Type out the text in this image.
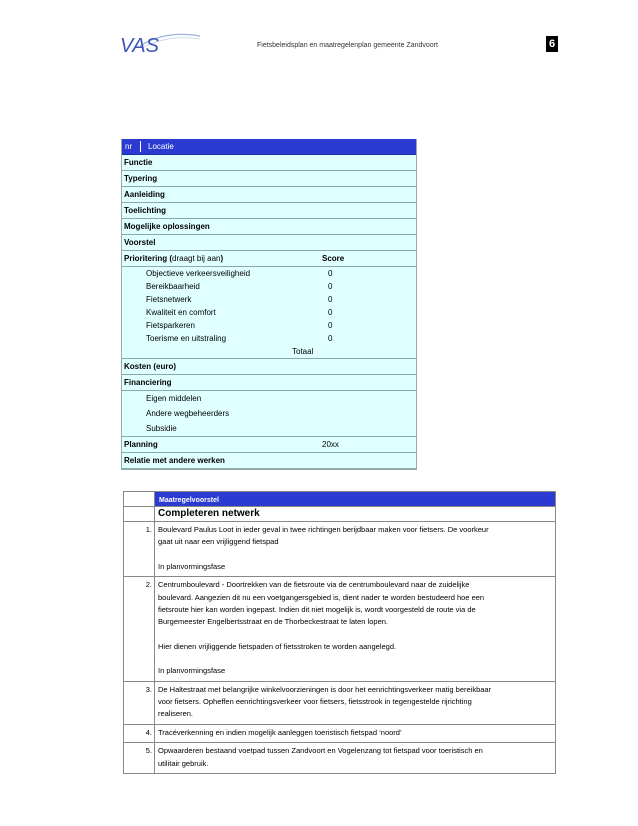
VAS	Fietsbeleidsplan en maatregelenplan gemeente Zandvoort	6
nr Locatie
Functie
Typering
Aanleiding
Toelichting
Mogelijke oplossingen
Voorstel
Prioritering (draagt bij aan)	Score
Objectieve verkeersveiligheid	0
Bereikbaarheid	0
Fietsnetwerk	0
Kwaliteit en comfort	0
Fietsparkeren	0
Toerisme en uitstraling	0
Totaal
Kosten (euro)
Financiering
Eigen middelen
Andere wegbeheerders
Subsidie
Planning	20xx
Relatie met andere werken
Maatregelvoorstel
Completeren netwerk
1. Boulevard Paulus Loot in ieder geval in twee richtingen berijdbaar maken voor fietsers. De voorkeur
gaat uit naar een vrijliggend fietspad
In planvormingsfase
2. Centrumboulevard - Doortrekken van de fietsroute via de centrumboulevard naar de zuidelijke
boulevard. Aangezien dit nu een voetgangersgebied is, dient nader te worden bestudeerd hoe een
fietsroute hier kan worden ingepast. Indien dit niet mogelijk is, wordt voorgesteld de route via de
Burgemeester Engelbertsstraat en de Thorbeckestraat te laten lopen.
Hier dienen vrijliggende fietspaden of fietsstroken te worden aangelegd.
In planvormingsfase
3. De Haltestraat met belangrijke winkelvoorzieningen is door het eenrichtingsverkeer matig bereikbaar
voor fietsers. Opheffen eenrichtingsverkeer voor fietsers, fietsstrook in tegengestelde rijrichting
realiseren.
4. Tracéverkenning en indien mogelijk aanleggen toeristisch fietspad ‘noord’
5. Opwaarderen bestaand voetpad tussen Zandvoort en Vogelenzang tot fietspad voor toeristisch en
utilitair gebruik.
